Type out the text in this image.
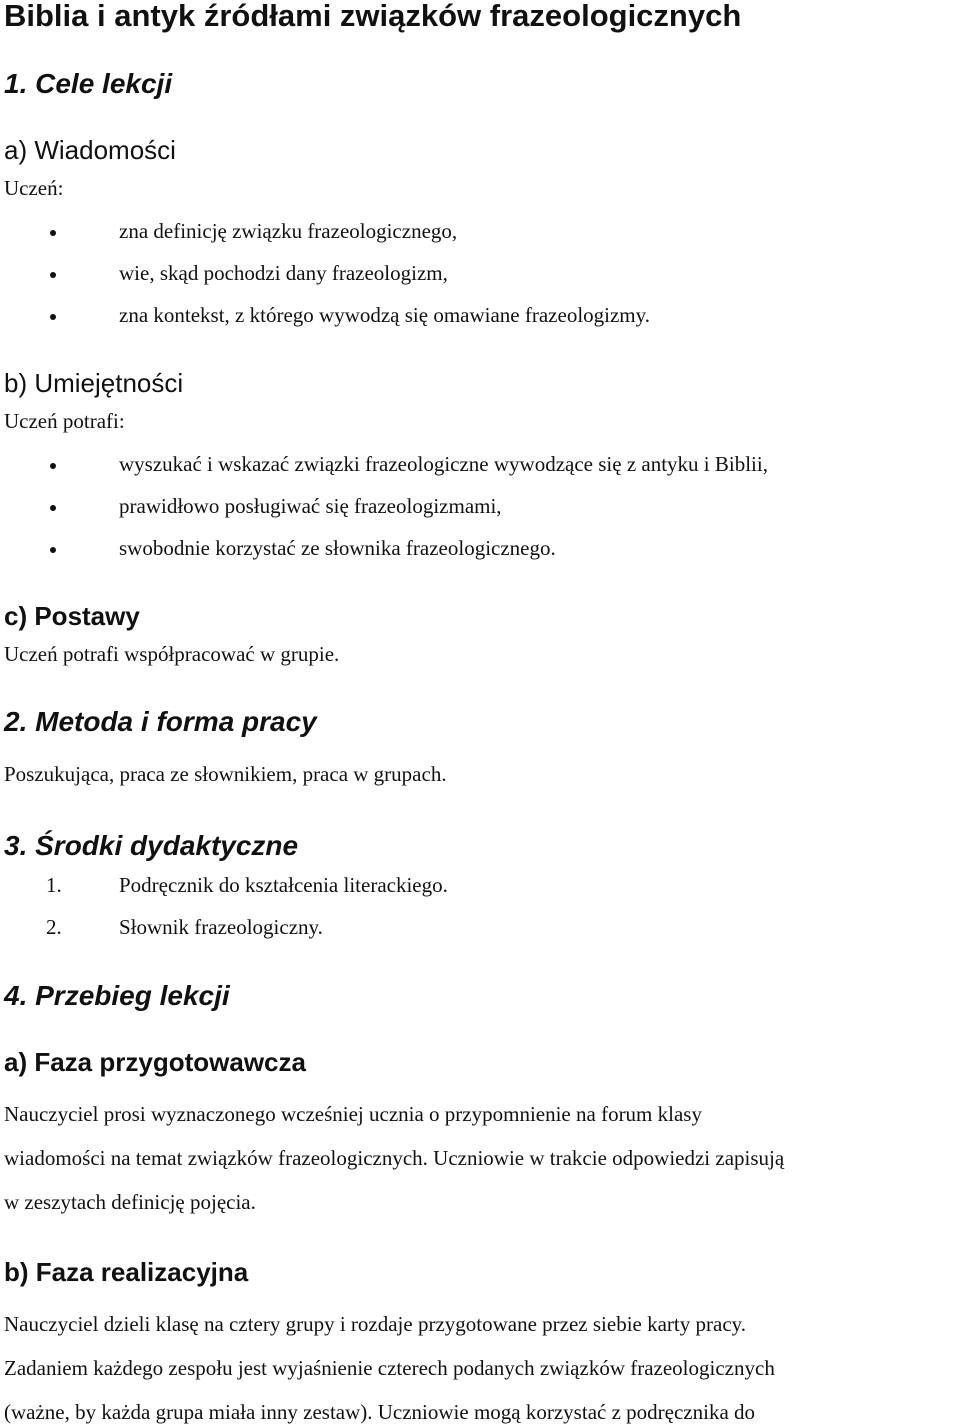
Biblia i antyk źródłami związków frazeologicznych
1. Cele lekcji
a) Wiadomości
Uczeń:
zna definicję związku frazeologicznego,
wie, skąd pochodzi dany frazeologizm,
zna kontekst, z którego wywodzą się omawiane frazeologizmy.
b) Umiejętności
Uczeń potrafi:
wyszukać i wskazać związki frazeologiczne wywodzące się z antyku i Biblii,
prawidłowo posługiwać się frazeologizmami,
swobodnie korzystać ze słownika frazeologicznego.
c) Postawy
Uczeń potrafi współpracować w grupie.
2. Metoda i forma pracy
Poszukująca, praca ze słownikiem, praca w grupach.
3. Środki dydaktyczne
1.	Podręcznik do kształcenia literackiego.
2.	Słownik frazeologiczny.
4. Przebieg lekcji
a) Faza przygotowawcza
Nauczyciel prosi wyznaczonego wcześniej ucznia o przypomnienie na forum klasy
wiadomości na temat związków frazeologicznych. Uczniowie w trakcie odpowiedzi zapisują
w zeszytach definicję pojęcia.
b) Faza realizacyjna
Nauczyciel dzieli klasę na cztery grupy i rozdaje przygotowane przez siebie karty pracy.
Zadaniem każdego zespołu jest wyjaśnienie czterech podanych związków frazeologicznych
(ważne, by każda grupa miała inny zestaw). Uczniowie mogą korzystać z podręcznika do
